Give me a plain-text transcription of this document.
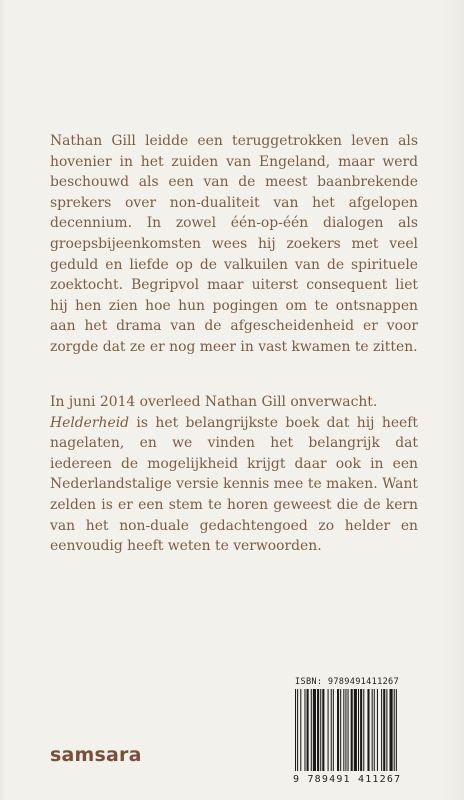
Nathan Gill leidde een teruggetrokken leven als hovenier in het zuiden van Engeland, maar werd beschouwd als een van de meest baanbrekende sprekers over non-dualiteit van het afgelopen decennium. In zowel één-op-één dialogen als groepsbijeenkomsten wees hij zoekers met veel geduld en liefde op de valkuilen van de spirituele zoektocht. Begripvol maar uiterst consequent liet hij hen zien hoe hun pogingen om te ontsnappen aan het drama van de afgescheidenheid er voor zorgde dat ze er nog meer in vast kwamen te zitten.

In juni 2014 overleed Nathan Gill onverwacht.
Helderheid is het belangrijkste boek dat hij heeft nagelaten, en we vinden het belangrijk dat iedereen de mogelijkheid krijgt daar ook in een Nederlandstalige versie kennis mee te maken. Want zelden is er een stem te horen geweest die de kern van het non-duale gedachtengoed zo helder en eenvoudig heeft weten te verwoorden.

samsara
ISBN: 9789491411267
9 789491 411267
